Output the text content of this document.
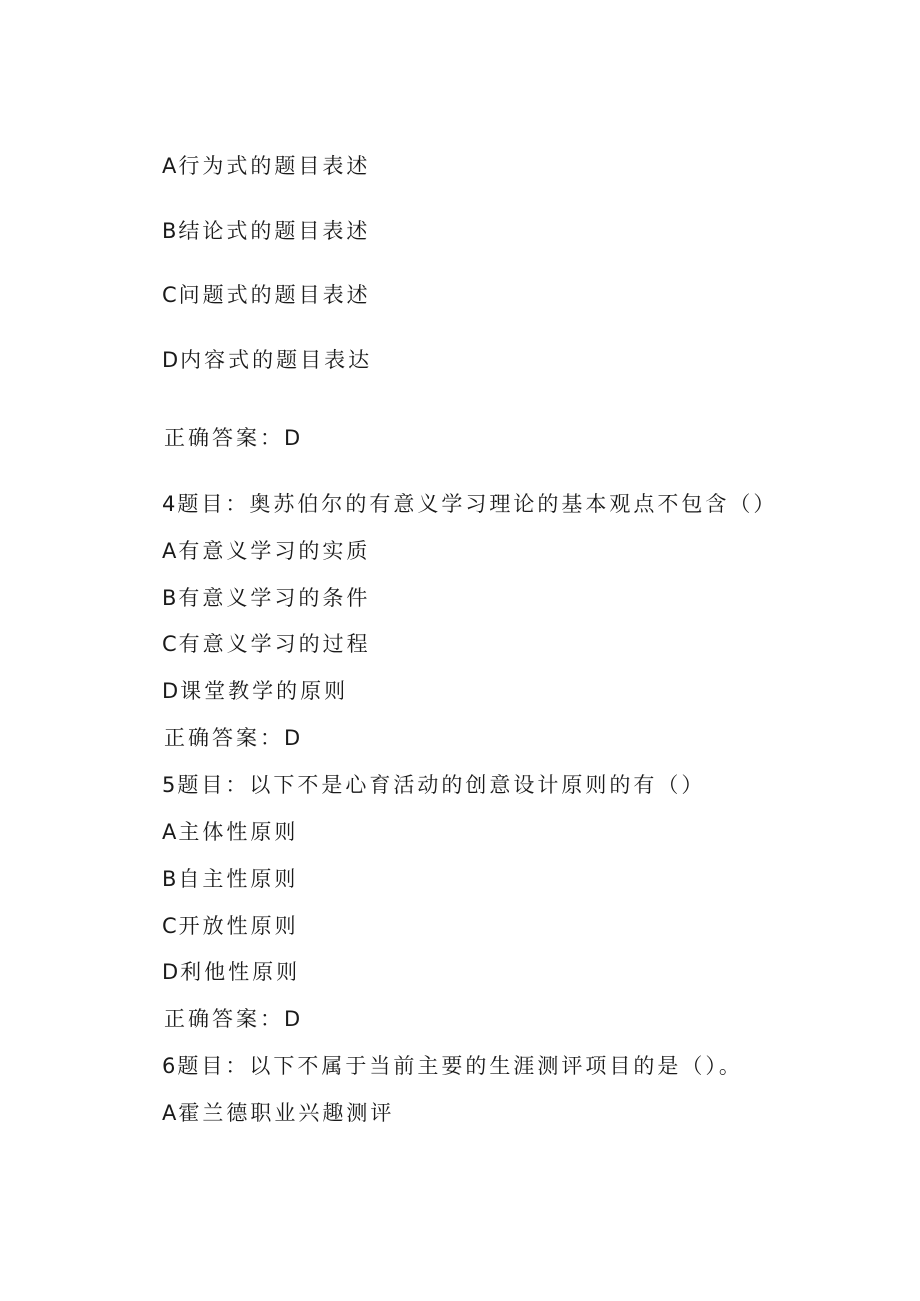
A行为式的题目表述
B结论式的题目表述
C问题式的题目表述
D内容式的题目表达
正确答案：D
4题目：奥苏伯尔的有意义学习理论的基本观点不包含（）
A有意义学习的实质
B有意义学习的条件
C有意义学习的过程
D课堂教学的原则
正确答案：D
5题目：以下不是心育活动的创意设计原则的有（）
A主体性原则
B自主性原则
C开放性原则
D利他性原则
正确答案：D
6题目：以下不属于当前主要的生涯测评项目的是（）。
A霍兰德职业兴趣测评
